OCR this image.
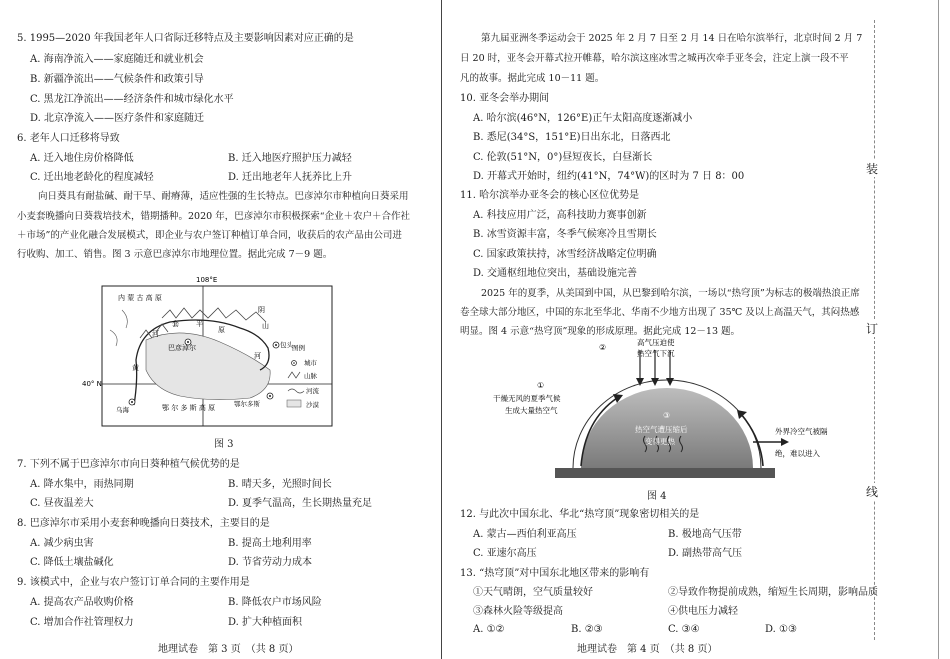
5. 1995—2020 年我国老年人口省际迁移特点及主要影响因素对应正确的是
A. 海南净流入——家庭随迁和就业机会
B. 新疆净流出——气候条件和政策引导
C. 黑龙江净流出——经济条件和城市绿化水平
D. 北京净流入——医疗条件和家庭随迁
6. 老年人口迁移将导致
A. 迁入地住房价格降低	B. 迁入地医疗照护压力减轻
C. 迁出地老龄化的程度减轻	D. 迁出地老年人抚养比上升
向日葵具有耐盐碱、耐干旱、耐瘠薄，适应性强的生长特点。巴彦淖尔市种植向日葵采用
小麦套晚播向日葵栽培技术，错期播种。2020 年，巴彦淖尔市积极探索“企业＋农户＋合作社
＋市场”的产业化融合发展模式，即企业与农户签订种植订单合同，收获后的农产品由公司进
行收购、加工、销售。图 3 示意巴彦淖尔市地理位置。据此完成 7－9 题。
108°E
40° N
内 蒙 古 高 原
阴
山
河
套 平
原
巴彦淖尔	包头
黄
河
乌海	鄂 尔 多 斯 高 原	鄂尔多斯
图例
城市
山脉
河流
沙漠
图 3
7. 下列不属于巴彦淖尔市向日葵种植气候优势的是
A. 降水集中，雨热同期	B. 晴天多，光照时间长
C. 昼夜温差大	D. 夏季气温高，生长期热量充足
8. 巴彦淖尔市采用小麦套种晚播向日葵技术，主要目的是
A. 减少病虫害	B. 提高土地利用率
C. 降低土壤盐碱化	D. 节省劳动力成本
9. 该模式中，企业与农户签订订单合同的主要作用是
A. 提高农产品收购价格	B. 降低农户市场风险
C. 增加合作社管理权力	D. 扩大种植面积
地理试卷　第 3 页　（共 8 页）
第九届亚洲冬季运动会于 2025 年 2 月 7 日至 2 月 14 日在哈尔滨举行，北京时间 2 月 7
日 20 时，亚冬会开幕式拉开帷幕，哈尔滨这座冰雪之城再次牵手亚冬会，注定上演一段不平
凡的故事。据此完成 10－11 题。
10. 亚冬会举办期间
A. 哈尔滨(46°N，126°E)正午太阳高度逐渐减小
B. 悉尼(34°S，151°E)日出东北，日落西北
C. 伦敦(51°N，0°)昼短夜长，白昼渐长
D. 开幕式开始时，纽约(41°N，74°W)的区时为 7 日 8：00
11. 哈尔滨举办亚冬会的核心区位优势是
A. 科技应用广泛，高科技助力赛事创新
B. 冰雪资源丰富，冬季气候寒冷且雪期长
C. 国家政策扶持，冰雪经济战略定位明确
D. 交通枢纽地位突出，基础设施完善
2025 年的夏季，从美国到中国，从巴黎到哈尔滨，一场以“热穹顶”为标志的极端热浪正席
卷全球大部分地区，中国的东北至华北、华南不少地方出现了 35℃ 及以上高温天气，其闷热感
明显。图 4 示意“热穹顶”现象的形成原理。据此完成 12－13 题。
②
高气压迫使
热空气下沉
①
干燥无风的夏季气候
生成大量热空气
③
热空气遭压缩后
变得更热
外界冷空气被隔
绝，难以进入
图 4
12. 与此次中国东北、华北“热穹顶”现象密切相关的是
A. 蒙古—西伯利亚高压	B. 极地高气压带
C. 亚速尔高压	D. 副热带高气压
13. “热穹顶”对中国东北地区带来的影响有
①天气晴朗，空气质量较好	②导致作物提前成熟，缩短生长周期，影响品质
③森林火险等级提高	④供电压力减轻
A. ①②	B. ②③	C. ③④	D. ①③
地理试卷　第 4 页　（共 8 页）
装
订
线
